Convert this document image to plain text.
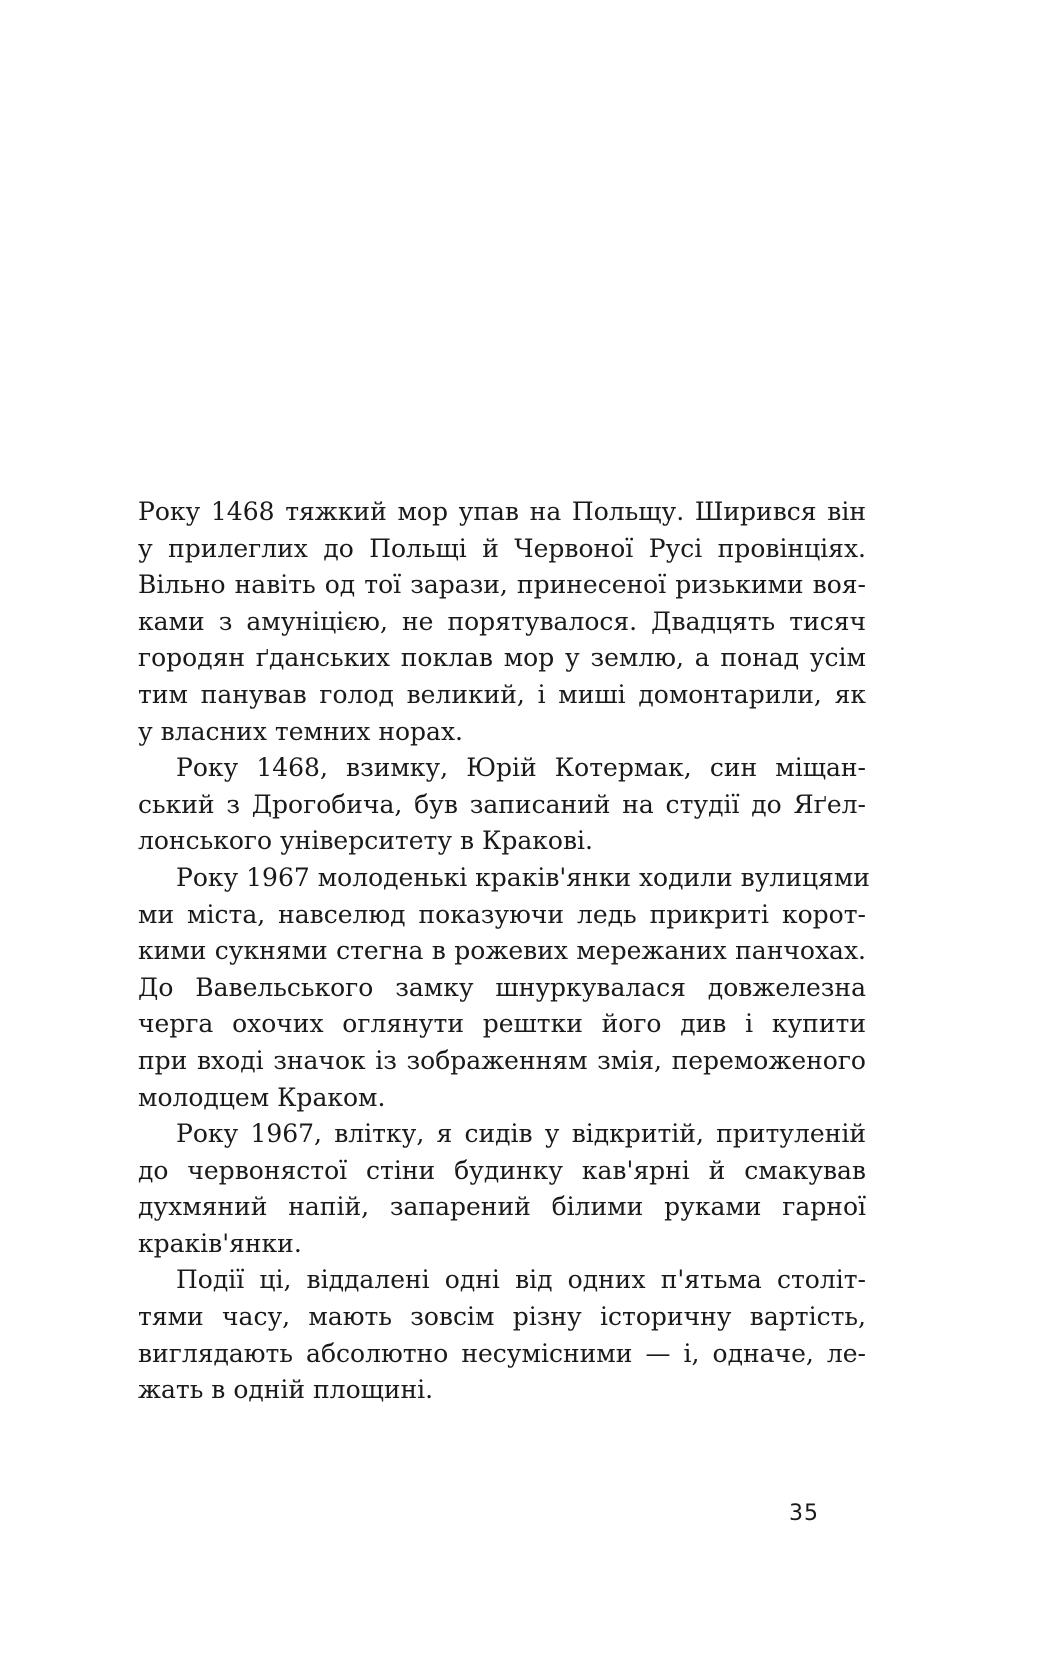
Року 1468 тяжкий мор упав на Польщу. Ширився він
у прилеглих до Польщі й Червоної Русі провінціях.
Вільно навіть од тої зарази, принесеної ризькими воя-
ками з амуніцією, не порятувалося. Двадцять тисяч
городян ґданських поклав мор у землю, а понад усім
тим панував голод великий, і миші домонтарили, як
у власних темних норах.

Року 1468, взимку, Юрій Котермак, син міщан-

ський з Дрогобича, був записаний на студії до Яґел-
лонського університету в Кракові.

Року 1967 молоденькі краків'янки ходили вулицями

ми міста, навселюд показуючи ледь прикриті корот-
кими сукнями стегна в рожевих мережаних панчохах.
До Вавельського замку шнуркувалася довжелезна
черга охочих оглянути рештки його див і купити
при вході значок із зображенням змія, переможеного
молодцем Краком.

Року 1967, влітку, я сидів у відкритій, притуленій

до червоняcтої стіни будинку кав'ярні й смакував
духмяний напій, запарений білими руками гарної
краків'янки.

Події ці, віддалені одні від одних п'ятьма століт-

тями часу, мають зовсім різну історичну вартість,
виглядають абсолютно несумісними — і, одначе, ле-
жать в одній площині.

35
